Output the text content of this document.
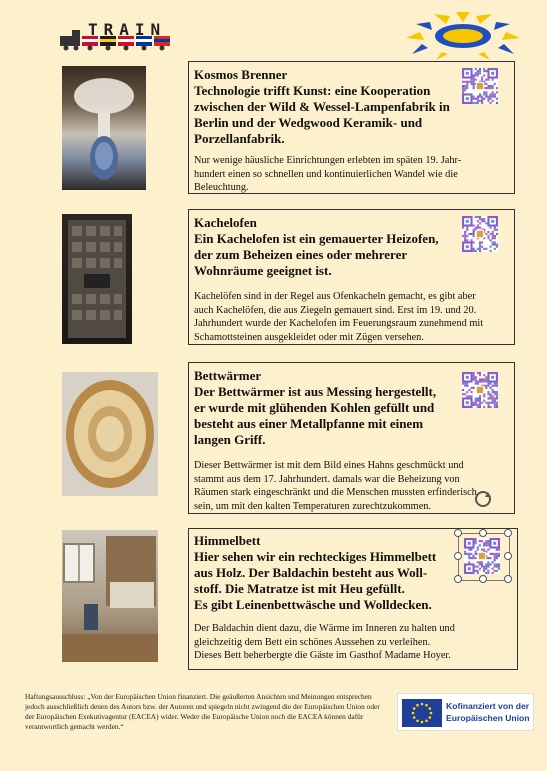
TRAIN
Kosmos Brenner
Technologie trifft Kunst: eine Kooperation
zwischen der Wild & Wessel-Lampenfabrik in
Berlin und der Wedgwood Keramik- und
Porzellanfabrik.
Nur wenige häusliche Einrichtungen erlebten im späten 19. Jahr-
hundert einen so schnellen und kontinuierlichen Wandel wie die
Beleuchtung.
Kachelofen
Ein Kachelofen ist ein gemauerter Heizofen,
der zum Beheizen eines oder mehrerer
Wohnräume geeignet ist.
Kachelöfen sind in der Regel aus Ofenkacheln gemacht, es gibt aber
auch Kachelöfen, die aus Ziegeln gemauert sind. Erst im 19. und 20.
Jahrhundert wurde der Kachelofen im Feuerungsraum zunehmend mit
Schamottsteinen ausgekleidet oder mit Zügen versehen.
Bettwärmer
Der Bettwärmer ist aus Messing hergestellt,
er wurde mit glühenden Kohlen gefüllt und
besteht aus einer Metallpfanne mit einem
langen Griff.
Dieser Bettwärmer ist mit dem Bild eines Hahns geschmückt und
stammt aus dem 17. Jahrhundert. damals war die Beheizung von
Räumen stark eingeschränkt und die Menschen mussten erfinderisch
sein, um mit den kalten Temperaturen zurechtzukommen.
Himmelbett
Hier sehen wir ein rechteckiges Himmelbett
aus Holz. Der Baldachin besteht aus Woll-
stoff. Die Matratze ist mit Heu gefüllt.
Es gibt Leinenbettwäsche und Wolldecken.
Der Baldachin dient dazu, die Wärme im Inneren zu halten und
gleichzeitig dem Bett ein schönes Aussehen zu verleihen.
Dieses Bett beherbergte die Gäste im Gasthof Madame Hoyer.
Haftungsausschluss: „Von der Europäischen Union finanziert. Die geäußerten Ansichten und Meinungen entsprechen jedoch ausschließlich denen des Autors bzw. der Autoren und spiegeln nicht zwingend die der Europäischen Union oder der Europäischen Exekutivagentur (EACEA) wider. Weder die Europäische Union noch die EACEA können dafür verantwortlich gemacht werden.“
Kofinanziert von der
Europäischen Union
